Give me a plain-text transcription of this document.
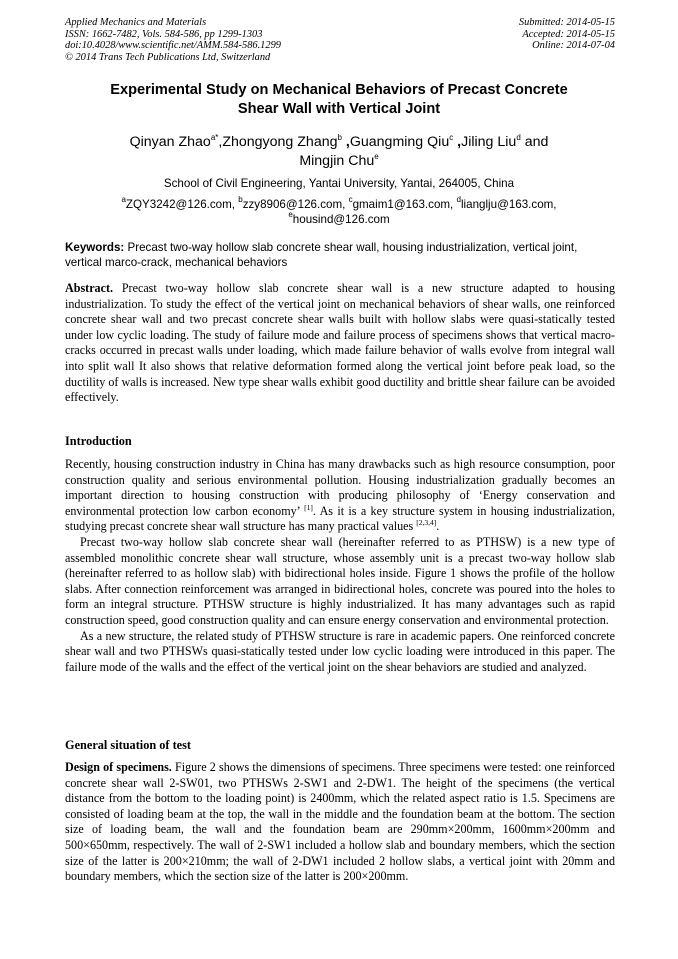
Applied Mechanics and Materials
ISSN: 1662-7482, Vols. 584-586, pp 1299-1303
doi:10.4028/www.scientific.net/AMM.584-586.1299
© 2014 Trans Tech Publications Ltd, Switzerland
Submitted: 2014-05-15
Accepted: 2014-05-15
Online: 2014-07-04
Experimental Study on Mechanical Behaviors of Precast Concrete
Shear Wall with Vertical Joint
Qinyan Zhao$^{a*}$,Zhongyong Zhang$^b$ ,Guangming Qiu$^c$ ,Jiling Liu$^d$ and
Mingjin Chu$^e$
School of Civil Engineering, Yantai University, Yantai, 264005, China
$^a$ZQY3242@126.com, $^b$zzy8906@126.com, $^c$gmaim1@163.com, $^d$lianglju@163.com,
$^e$housind@126.com
Keywords: Precast two-way hollow slab concrete shear wall, housing industrialization, vertical joint, vertical marco-crack, mechanical behaviors

Abstract. Precast two-way hollow slab concrete shear wall is a new structure adapted to housing industrialization. To study the effect of the vertical joint on mechanical behaviors of shear walls, one reinforced concrete shear wall and two precast concrete shear walls built with hollow slabs were quasi-statically tested under low cyclic loading. The study of failure mode and failure process of specimens shows that vertical macro-cracks occurred in precast walls under loading, which made failure behavior of walls evolve from integral wall into split wall It also shows that relative deformation formed along the vertical joint before peak load, so the ductility of walls is increased. New type shear walls exhibit good ductility and brittle shear failure can be avoided effectively.

Introduction

Recently, housing construction industry in China has many drawbacks such as high resource consumption, poor construction quality and serious environmental pollution. Housing industrialization gradually becomes an important direction to housing construction with producing philosophy of ‘Energy conservation and environmental protection low carbon economy’ [1]. As it is a key structure system in housing industrialization, studying precast concrete shear wall structure has many practical values [2,3,4].

Precast two-way hollow slab concrete shear wall (hereinafter referred to as PTHSW) is a new type of assembled monolithic concrete shear wall structure, whose assembly unit is a precast two-way hollow slab (hereinafter referred to as hollow slab) with bidirectional holes inside. Figure 1 shows the profile of the hollow slabs. After connection reinforcement was arranged in bidirectional holes, concrete was poured into the holes to form an integral structure. PTHSW structure is highly industrialized. It has many advantages such as rapid construction speed, good construction quality and can ensure energy conservation and environmental protection.

As a new structure, the related study of PTHSW structure is rare in academic papers. One reinforced concrete shear wall and two PTHSWs quasi-statically tested under low cyclic loading were introduced in this paper. The failure mode of the walls and the effect of the vertical joint on the shear behaviors are studied and analyzed.

General situation of test

Design of specimens. Figure 2 shows the dimensions of specimens. Three specimens were tested: one reinforced concrete shear wall 2-SW01, two PTHSWs 2-SW1 and 2-DW1. The height of the specimens (the vertical distance from the bottom to the loading point) is 2400mm, which the related aspect ratio is 1.5. Specimens are consisted of loading beam at the top, the wall in the middle and the foundation beam at the bottom. The section size of loading beam, the wall and the foundation beam are 290mm×200mm, 1600mm×200mm and 500×650mm, respectively. The wall of 2-SW1 included a hollow slab and boundary members, which the section size of the latter is 200×210mm; the wall of 2-DW1 included 2 hollow slabs, a vertical joint with 20mm and boundary members, which the section size of the latter is 200×200mm.
